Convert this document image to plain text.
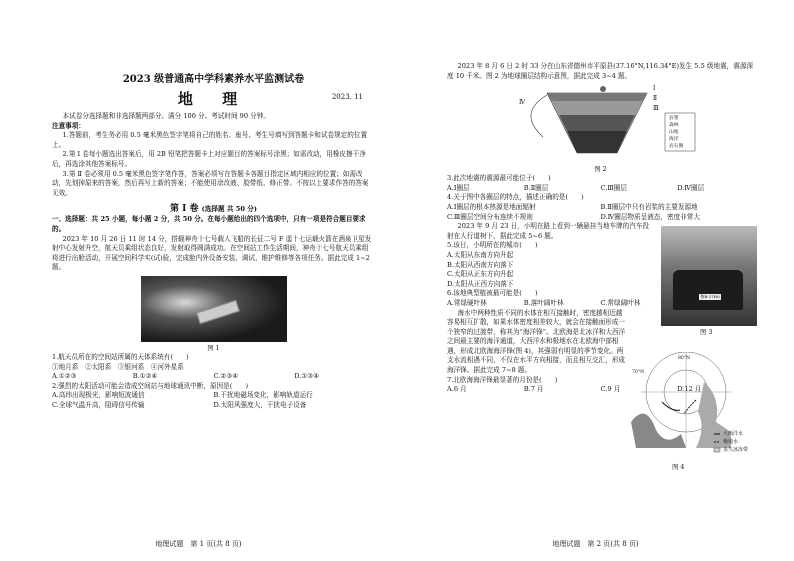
2023 级普通高中学科素养水平监测试卷

地 理	2023. 11

本试卷分选择题和非选择题两部分。满分 100 分。考试时间 90 分钟。

注意事项：

1.答题前，考生务必用 0.5 毫米黑色签字笔将自己的姓名、座号、考生号填写到答题卡和试卷规定的位置上。

2.第 Ⅰ 卷每小题选出答案后，用 2B 铅笔把答题卡上对应题目的答案标号涂黑；如需改动，用橡皮擦干净后，再选涂其他答案标号。

3.第 Ⅱ 卷必须用 0.5 毫米黑色签字笔作答，答案必须写在答题卡各题目指定区域内相应的位置；如需改动，先划掉原来的答案，然后再写上新的答案；不能使用涂改液、胶带纸、修正带。不按以上要求作答的答案无效。

第 Ⅰ 卷 (选择题 共 50 分)

一、选择题：共 25 小题，每小题 2 分，共 50 分。在每小题给出的四个选项中，只有一项是符合题目要求的。

2023 年 10 月 26 日 11 时 14 分，搭载神舟十七号载人飞船的长征二号 F 遥十七运载火箭在酒泉卫星发射中心发射升空，航天员乘组状态良好，发射取得圆满成功。在空间站工作生活期间，神舟十七号航天员乘组将进行出舱活动，开展空间科学实(试)验，完成舱内外设备安装、调试、维护维修等各项任务。据此完成 1~2 题。

图 1

1.航天员所在的空间站所属的天体系统有(　　)

①地月系　②太阳系　③银河系　④河外星系

A.①②③	B.①②④	C.②③④	D.①③④

2.强烈的太阳活动可能会造成空间站与地球通讯中断，原因是(　　)

A.高纬出现极光，影响短波通信	B.干扰地磁场变化，影响轨道运行
C.全球气温升高，阻碍信号传输	D.太阳风强度大，干扰电子设备
地理试题　第 1 页(共 8 页)

2023 年 8 月 6 日 2 时 33 分在山东省德州市平原县(37.16°N,116.34°E)发生 5.5 级地震，震源深度 10 千米。图 2 为地球圈层结构示意图，据此完成 3~4 题。

Ⅰ
Ⅱ
Ⅲ
Ⅳ
岩浆
森林
山地
海洋
岩石圈

图 2

3.此次地震的震源最可能位于(　　)

A.Ⅰ圈层	B.Ⅱ圈层	C.Ⅲ圈层	D.Ⅳ圈层

4.关于图中各圈层的特点，描述正确的是(　　)

A.Ⅰ圈层的根本热源是地面辐射	B.Ⅱ圈层中只有岩浆的主要发源地
C.Ⅲ圈层空间分布连续不规则	D.Ⅳ圈层物质呈液态，密度非常大

2023 年 9 月 23 日，小明在路上看到一辆悬挂当地车牌的汽车投射在人行道树下，据此完成 5~6 题。

5.该日，小明所在的城市(　　)

A.太阳从东南方向升起

B.太阳从西南方向落下

C.太阳从正东方向升起

D.太阳从正西方向落下

6.该地典型植被最可能是(　　)

A.常绿硬叶林	B.落叶阔叶林	C.常绿阔叶林

海水中两种性质不同的水体在相互接触时，密度越相近越容易相互扩散，如果水体密度相差较大，就会在接触面形成一个狭窄的过渡带，称其为“海洋锋”。北欧海是北冰洋和大西洋之间最主要的海洋通道，大西洋水和极地水在北欧海中部相遇，形成北欧海海洋锋(图 4)，其强弱有明显的季节变化。两支水流相遇不同，不仅在水平方向相接，而且相互交汇，形成海洋锋。据此完成 7~8 题。

7.北欧海海洋锋最显著的月份是(　　)

A.6 月	B.7 月	C.9 月	D.12 月
地理试题　第 2 页(共 8 页)
鲁B·27H0

图 3

80°N
70°N
大西洋水
极地水
永久冰冻带

图 4
